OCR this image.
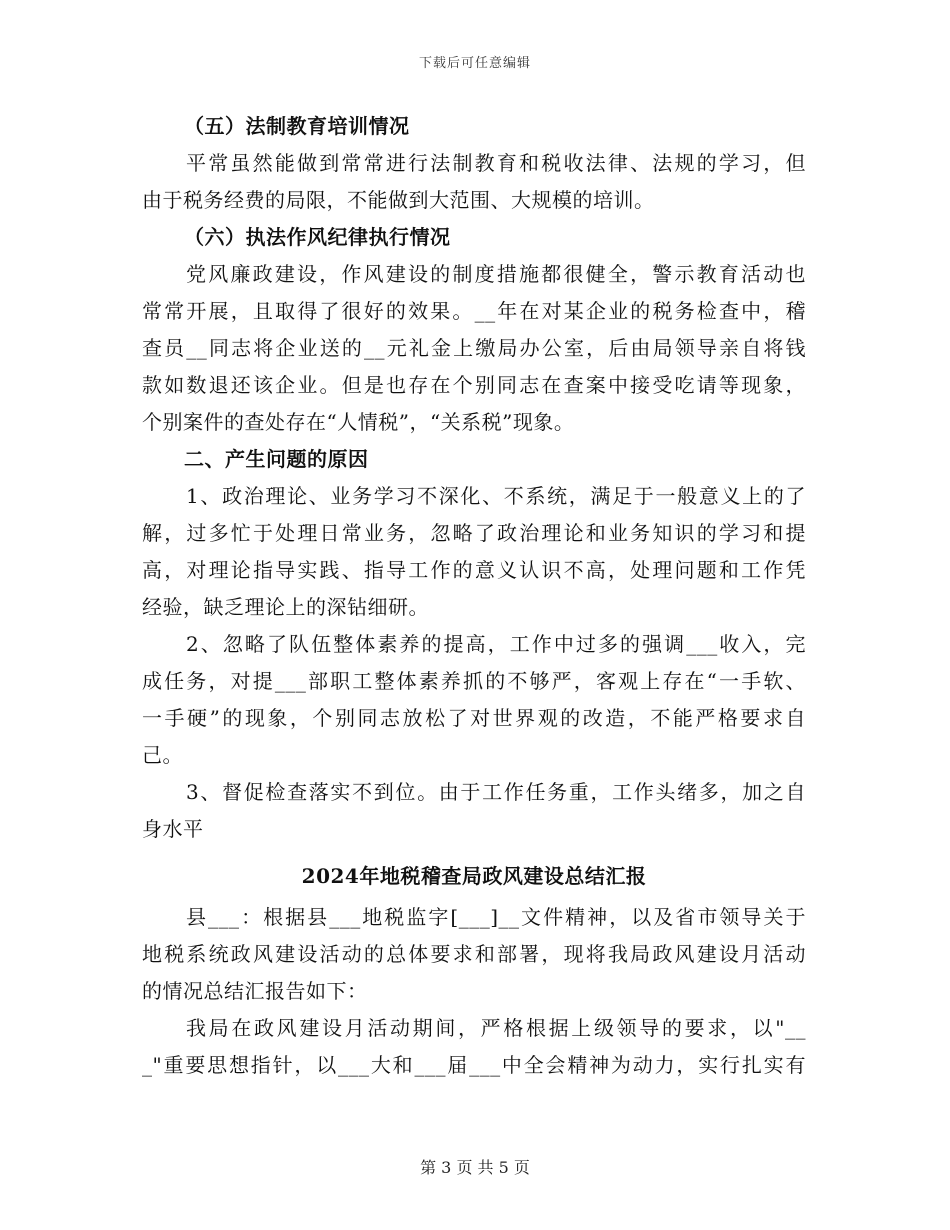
下载后可任意编辑
（五）法制教育培训情况
平常虽然能做到常常进行法制教育和税收法律、法规的学习，但
由于税务经费的局限，不能做到大范围、大规模的培训。
（六）执法作风纪律执行情况
党风廉政建设，作风建设的制度措施都很健全，警示教育活动也
常常开展，且取得了很好的效果。__年在对某企业的税务检查中，稽
查员__同志将企业送的__元礼金上缴局办公室，后由局领导亲自将钱
款如数退还该企业。但是也存在个别同志在查案中接受吃请等现象，
个别案件的查处存在“人情税”，“关系税”现象。
二、产生问题的原因
1、政治理论、业务学习不深化、不系统，满足于一般意义上的了
解，过多忙于处理日常业务，忽略了政治理论和业务知识的学习和提
高，对理论指导实践、指导工作的意义认识不高，处理问题和工作凭
经验，缺乏理论上的深钻细研。
2、忽略了队伍整体素养的提高，工作中过多的强调___收入，完
成任务，对提___部职工整体素养抓的不够严，客观上存在“一手软、
一手硬”的现象，个别同志放松了对世界观的改造，不能严格要求自
己。
3、督促检查落实不到位。由于工作任务重，工作头绪多，加之自
身水平
2024年地税稽查局政风建设总结汇报
县___：根据县___地税监字[___]__文件精神，以及省市领导关于
地税系统政风建设活动的总体要求和部署，现将我局政风建设月活动
的情况总结汇报告如下：
我局在政风建设月活动期间，严格根据上级领导的要求，以"__
_"重要思想指针，以___大和___届___中全会精神为动力，实行扎实有
第 3 页 共 5 页
